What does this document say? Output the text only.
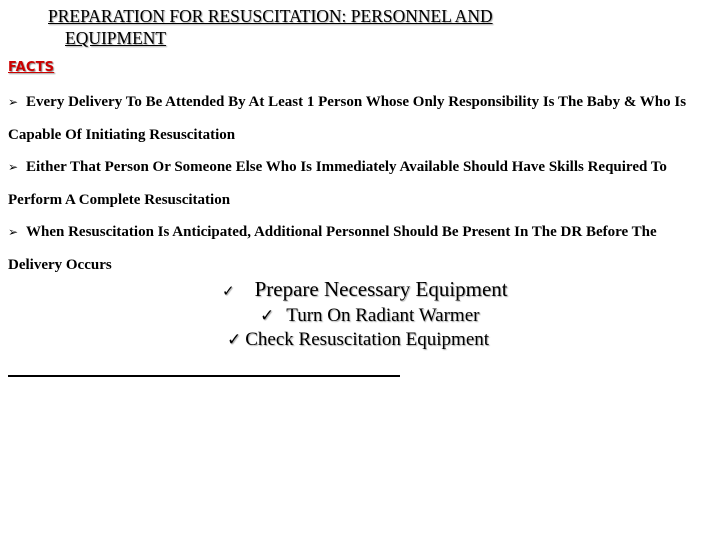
PREPARATION FOR RESUSCITATION: PERSONNEL AND
EQUIPMENT
FACTS

➢ Every Delivery To Be Attended By At Least 1 Person Whose Only Responsibility Is The Baby & Who Is Capable Of Initiating Resuscitation

➢ Either That Person Or Someone Else Who Is Immediately Available Should Have Skills Required To Perform A Complete Resuscitation

➢ When Resuscitation Is Anticipated, Additional Personnel Should Be Present In The DR Before The Delivery Occurs

✓ Prepare Necessary Equipment
✓ Turn On Radiant Warmer
✓ Check Resuscitation Equipment
